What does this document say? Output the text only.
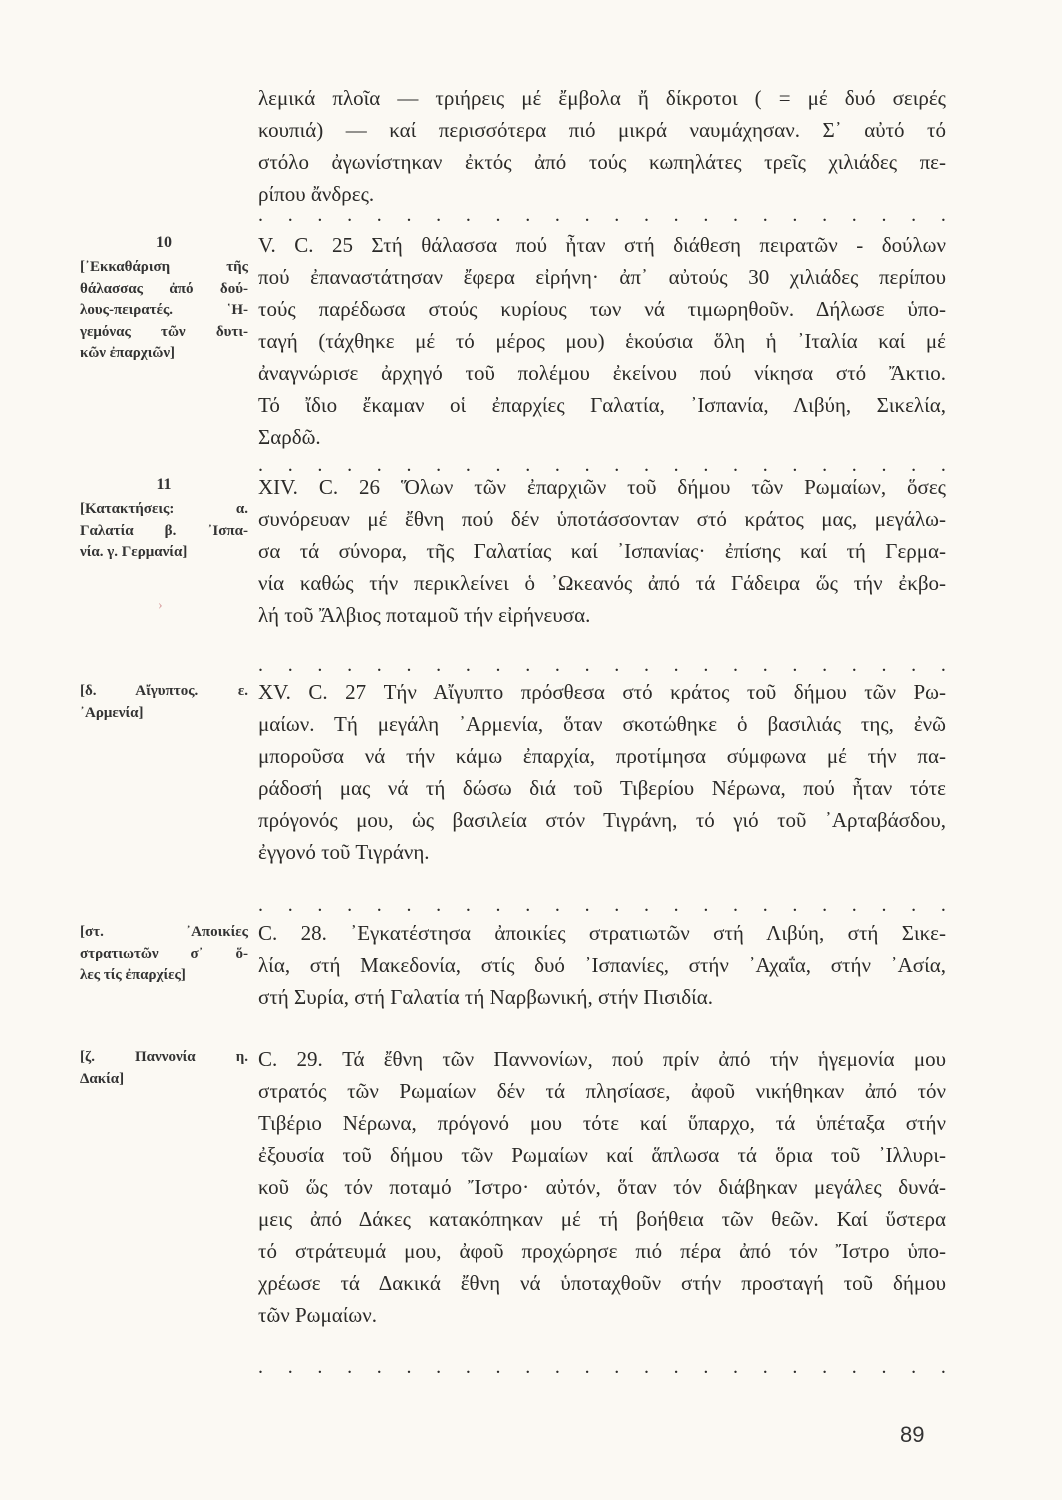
λεμικά πλοῖα — τριήρεις μέ ἔμβολα ἤ δίκροτοι ( = μέ δυό σειρές
κουπιά) — καί περισσότερα πιό μικρά ναυμάχησαν. Σ᾽ αὐτό τό
στόλο ἀγωνίστηκαν ἐκτός ἀπό τούς κωπηλάτες τρεῖς χιλιάδες πε-
ρίπου ἄνδρες.
. . . . . . . . . . . . . . . . . . . . . . . .
10
[᾽Εκκαθάριση τῆς
θάλασσας ἀπό δού-
λους-πειρατές. ῾Η-
γεμόνας τῶν δυτι-
κῶν ἐπαρχιῶν]
V. C. 25 Στή θάλασσα πού ἦταν στή διάθεση πειρατῶν - δούλων
πού ἐπαναστάτησαν ἔφερα εἰρήνη· ἀπ᾽ αὐτούς 30 χιλιάδες περίπου
τούς παρέδωσα στούς κυρίους των νά τιμωρηθοῦν. Δήλωσε ὑπο-
ταγή (τάχθηκε μέ τό μέρος μου) ἑκούσια ὅλη ἡ ᾽Ιταλία καί μέ
ἀναγνώρισε ἀρχηγό τοῦ πολέμου ἐκείνου πού νίκησα στό Ἄκτιο.
Τό ἴδιο ἔκαμαν οἱ ἐπαρχίες Γαλατία, ᾽Ισπανία, Λιβύη, Σικελία,
Σαρδῶ.
. . . . . . . . . . . . . . . . . . . . . . . .
11
[Κατακτήσεις: α.
Γαλατία β. ᾽Ισπα-
νία. γ. Γερμανία]
XIV. C. 26 Ὅλων τῶν ἐπαρχιῶν τοῦ δήμου τῶν Ρωμαίων, ὅσες
συνόρευαν μέ ἔθνη πού δέν ὑποτάσσονταν στό κράτος μας, μεγάλω-
σα τά σύνορα, τῆς Γαλατίας καί ᾽Ισπανίας· ἐπίσης καί τή Γερμα-
νία καθώς τήν περικλείνει ὁ ᾽Ωκεανός ἀπό τά Γάδειρα ὥς τήν ἐκβο-
λή τοῦ Ἄλβιος ποταμοῦ τήν εἰρήνευσα.
›
. . . . . . . . . . . . . . . . . . . . . . . .
[δ. Αἴγυπτος. ε.
᾽Αρμενία]
XV. C. 27 Τήν Αἴγυπτο πρόσθεσα στό κράτος τοῦ δήμου τῶν Ρω-
μαίων. Τή μεγάλη ᾽Αρμενία, ὅταν σκοτώθηκε ὁ βασιλιάς της, ἐνῶ
μποροῦσα νά τήν κάμω ἐπαρχία, προτίμησα σύμφωνα μέ τήν πα-
ράδοσή μας νά τή δώσω διά τοῦ Τιβερίου Νέρωνα, πού ἦταν τότε
πρόγονός μου, ὡς βασιλεία στόν Τιγράνη, τό γιό τοῦ ᾽Αρταβάσδου,
ἐγγονό τοῦ Τιγράνη.
. . . . . . . . . . . . . . . . . . . . . . . .
[στ. ᾽Αποικίες
στρατιωτῶν σ᾽ ὅ-
λες τίς ἐπαρχίες]
C. 28. ᾽Εγκατέστησα ἀποικίες στρατιωτῶν στή Λιβύη, στή Σικε-
λία, στή Μακεδονία, στίς δυό ᾽Ισπανίες, στήν ᾽Αχαΐα, στήν ᾽Ασία,
στή Συρία, στή Γαλατία τή Ναρβωνική, στήν Πισιδία.
[ζ. Παννονία η.
Δακία]
C. 29. Τά ἔθνη τῶν Παννονίων, πού πρίν ἀπό τήν ἡγεμονία μου
στρατός τῶν Ρωμαίων δέν τά πλησίασε, ἀφοῦ νικήθηκαν ἀπό τόν
Τιβέριο Νέρωνα, πρόγονό μου τότε καί ὕπαρχο, τά ὑπέταξα στήν
ἐξουσία τοῦ δήμου τῶν Ρωμαίων καί ἅπλωσα τά ὅρια τοῦ ᾽Ιλλυρι-
κοῦ ὥς τόν ποταμό Ἴστρο· αὐτόν, ὅταν τόν διάβηκαν μεγάλες δυνά-
μεις ἀπό Δάκες κατακόπηκαν μέ τή βοήθεια τῶν θεῶν. Καί ὕστερα
τό στράτευμά μου, ἀφοῦ προχώρησε πιό πέρα ἀπό τόν Ἴστρο ὑπο-
χρέωσε τά Δακικά ἔθνη νά ὑποταχθοῦν στήν προσταγή τοῦ δήμου
τῶν Ρωμαίων.
. . . . . . . . . . . . . . . . . . . . . . . .
89
